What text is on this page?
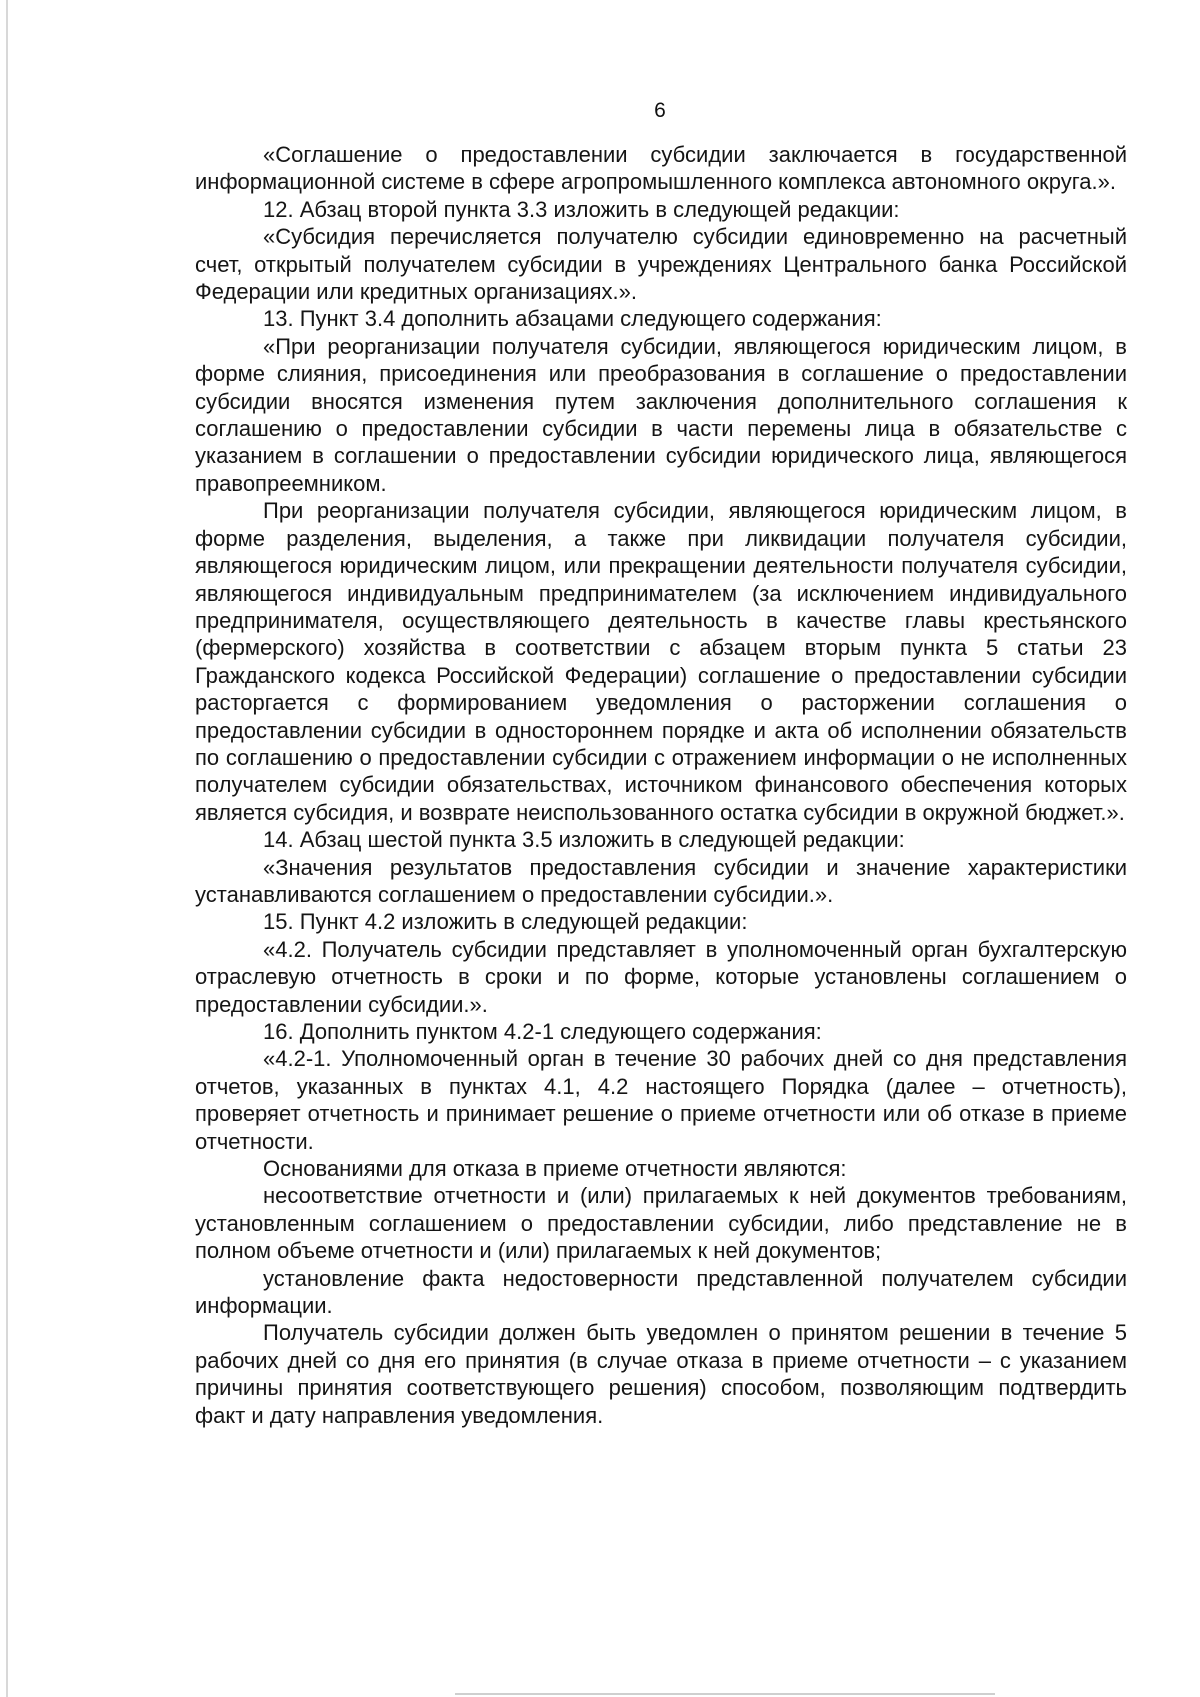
6

«Соглашение о предоставлении субсидии заключается в государственной информационной системе в сфере агропромышленного комплекса автономного округа.».

12. Абзац второй пункта 3.3 изложить в следующей редакции:

«Субсидия перечисляется получателю субсидии единовременно на расчетный счет, открытый получателем субсидии в учреждениях Центрального банка Российской Федерации или кредитных организациях.».

13. Пункт 3.4 дополнить абзацами следующего содержания:

«При реорганизации получателя субсидии, являющегося юридическим лицом, в форме слияния, присоединения или преобразования в соглашение о предоставлении субсидии вносятся изменения путем заключения дополнительного соглашения к соглашению о предоставлении субсидии в части перемены лица в обязательстве с указанием в соглашении о предоставлении субсидии юридического лица, являющегося правопреемником.

При реорганизации получателя субсидии, являющегося юридическим лицом, в форме разделения, выделения, а также при ликвидации получателя субсидии, являющегося юридическим лицом, или прекращении деятельности получателя субсидии, являющегося индивидуальным предпринимателем (за исключением индивидуального предпринимателя, осуществляющего деятельность в качестве главы крестьянского (фермерского) хозяйства в соответствии с абзацем вторым пункта 5 статьи 23 Гражданского кодекса Российской Федерации) соглашение о предоставлении субсидии расторгается с формированием уведомления о расторжении соглашения о предоставлении субсидии в одностороннем порядке и акта об исполнении обязательств по соглашению о предоставлении субсидии с отражением информации о не исполненных получателем субсидии обязательствах, источником финансового обеспечения которых является субсидия, и возврате неиспользованного остатка субсидии в окружной бюджет.».

14. Абзац шестой пункта 3.5 изложить в следующей редакции:

«Значения результатов предоставления субсидии и значение характеристики устанавливаются соглашением о предоставлении субсидии.».

15. Пункт 4.2 изложить в следующей редакции:

«4.2. Получатель субсидии представляет в уполномоченный орган бухгалтерскую отраслевую отчетность в сроки и по форме, которые установлены соглашением о предоставлении субсидии.».

16. Дополнить пунктом 4.2-1 следующего содержания:

«4.2-1. Уполномоченный орган в течение 30 рабочих дней со дня представления отчетов, указанных в пунктах 4.1, 4.2 настоящего Порядка (далее – отчетность), проверяет отчетность и принимает решение о приеме отчетности или об отказе в приеме отчетности.

Основаниями для отказа в приеме отчетности являются:

несоответствие отчетности и (или) прилагаемых к ней документов требованиям, установленным соглашением о предоставлении субсидии, либо представление не в полном объеме отчетности и (или) прилагаемых к ней документов;

установление факта недостоверности представленной получателем субсидии информации.

Получатель субсидии должен быть уведомлен о принятом решении в течение 5 рабочих дней со дня его принятия (в случае отказа в приеме отчетности – с указанием причины принятия соответствующего решения) способом, позволяющим подтвердить факт и дату направления уведомления.
